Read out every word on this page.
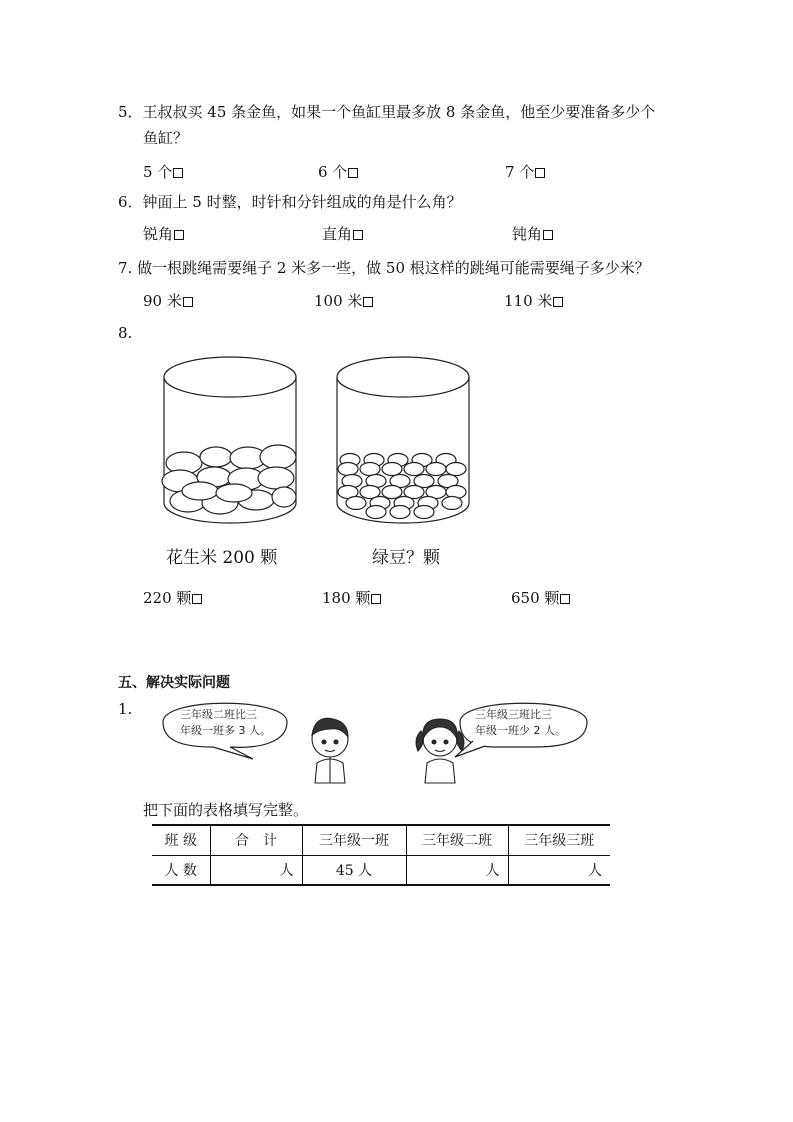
5．王叔叔买 45 条金鱼，如果一个鱼缸里最多放 8 条金鱼，他至少要准备多少个
鱼缸？
5 个	6 个	7 个
6．钟面上 5 时整，时针和分针组成的角是什么角？
锐角	直角	钝角
7. 做一根跳绳需要绳子 2 米多一些，做 50 根这样的跳绳可能需要绳子多少米？
90 米	100 米	110 米
8.
花生米 200 颗	绿豆？颗
220 颗	180 颗	650 颗
五、解决实际问题
1.	三年级二班比三
年级一班多 3 人。
三年级三班比三
年级一班少 2 人。
把下面的表格填写完整。
班 级	合　计	三年级一班	三年级二班	三年级三班
人 数	人	45 人	人	人
